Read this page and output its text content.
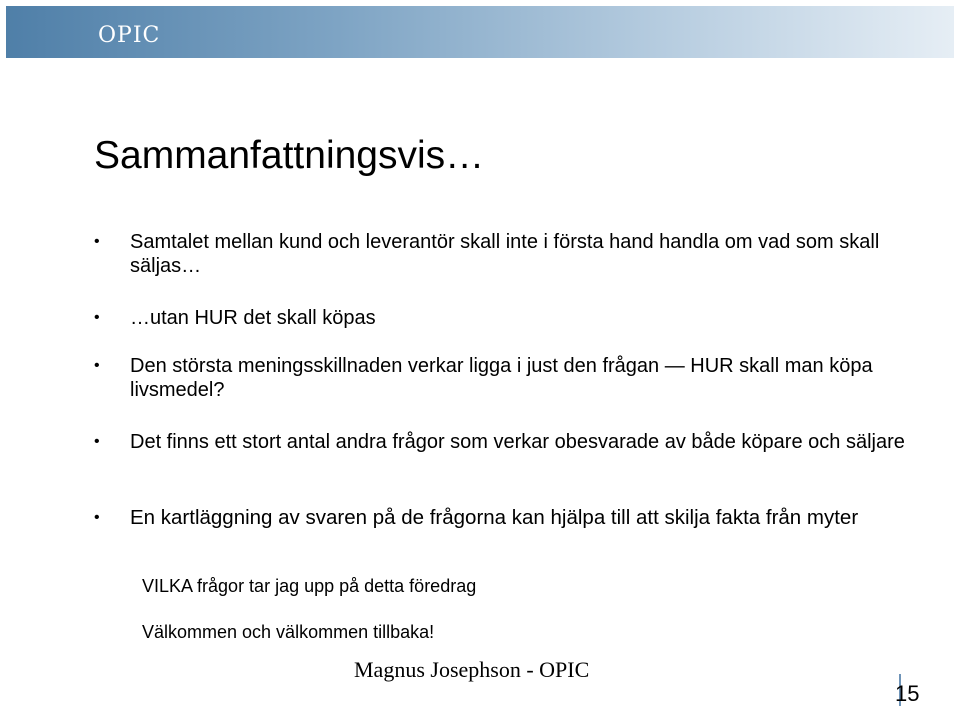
OPIC
Sammanfattningsvis…
• Samtalet mellan kund och leverantör skall inte i första hand handla om vad som skall säljas…
• …utan HUR det skall köpas
• Den största meningsskillnaden verkar ligga i just den frågan — HUR skall man köpa livsmedel?
• Det finns ett stort antal andra frågor som verkar obesvarade av både köpare och säljare
• En kartläggning av svaren på de frågorna kan hjälpa till att skilja fakta från myter
VILKA frågor tar jag upp på detta föredrag
Välkommen och välkommen tillbaka!
Magnus Josephson - OPIC
15
